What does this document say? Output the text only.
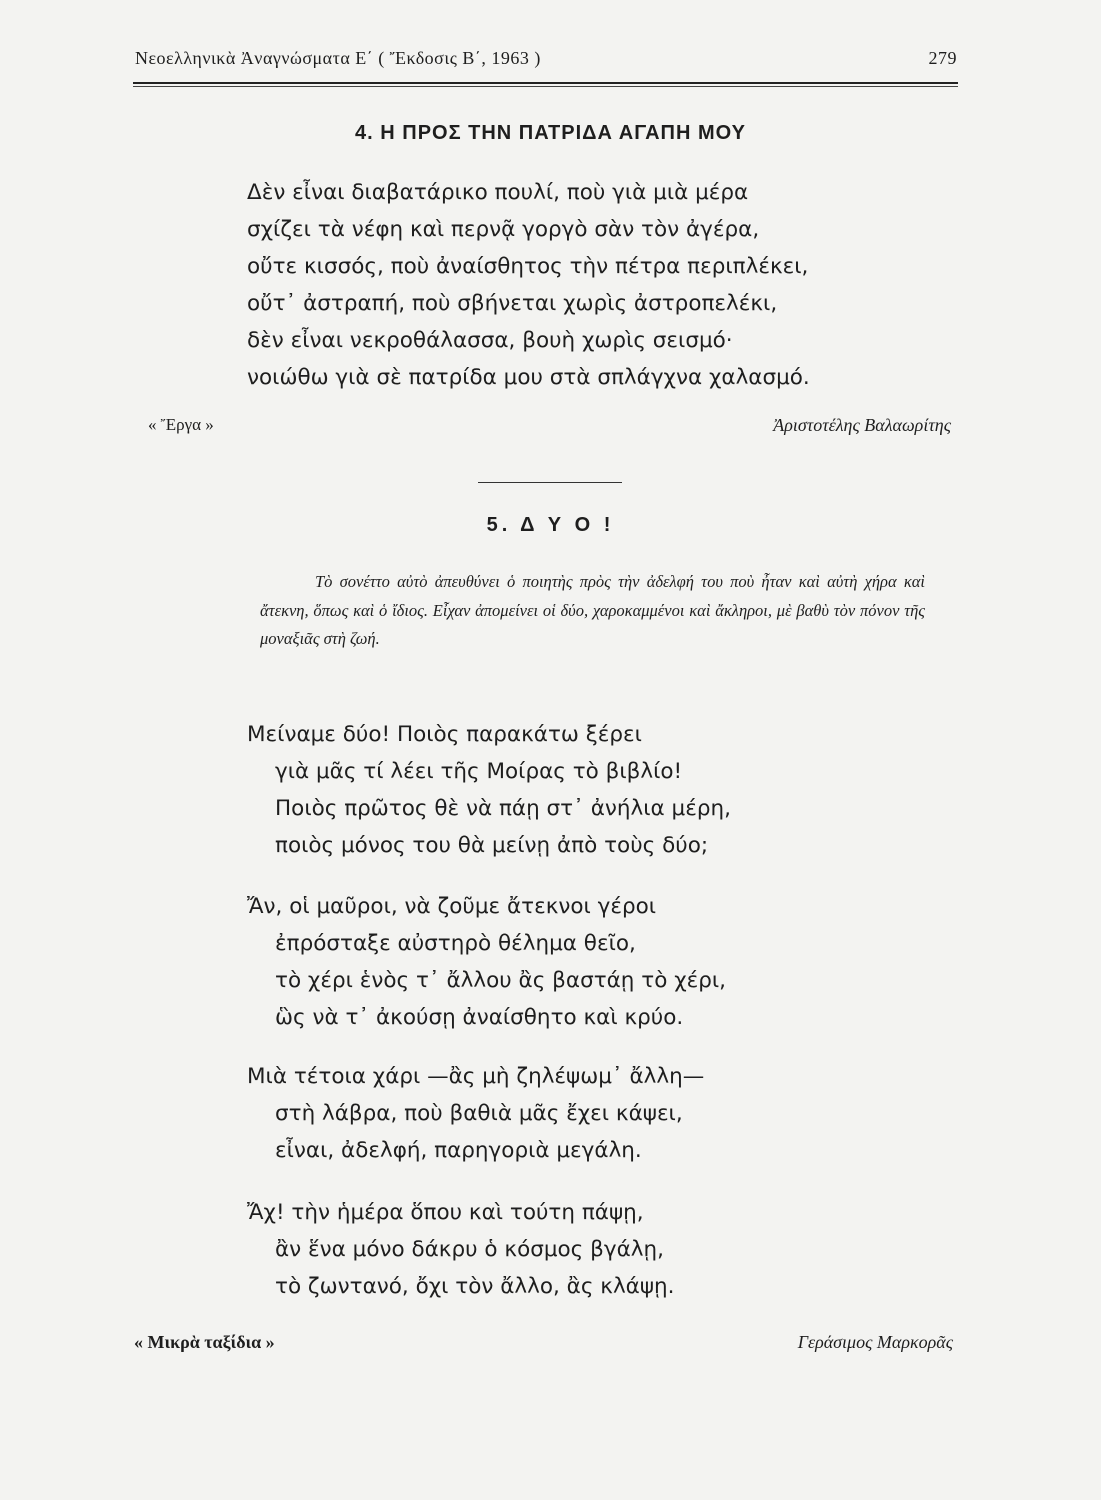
Νεοελληνικὰ Ἀναγνώσματα Ε΄ ( Ἔκδοσις Β΄, 1963 )	279
4. Η ΠΡΟΣ ΤΗΝ ΠΑΤΡΙΔΑ ΑΓΑΠΗ ΜΟΥ
Δὲν εἶναι διαβατάρικο πουλί, ποὺ γιὰ μιὰ μέρα
σχίζει τὰ νέφη καὶ περνᾷ γοργὸ σὰν τὸν ἀγέρα,
οὔτε κισσός, ποὺ ἀναίσθητος τὴν πέτρα περιπλέκει,
οὔτ᾽ ἀστραπή, ποὺ σβήνεται χωρὶς ἀστροπελέκι,
δὲν εἶναι νεκροθάλασσα, βουὴ χωρὶς σεισμό·
νοιώθω γιὰ σὲ πατρίδα μου στὰ σπλάγχνα χαλασμό.
« Ἔργα »	Ἀριστοτέλης Βαλαωρίτης
5. Δ Υ Ο !
Τὸ σονέττο αὐτὸ ἀπευθύνει ὁ ποιητὴς πρὸς τὴν ἀδελφή του ποὺ ἦταν καὶ αὐτὴ χήρα καὶ ἄτεκνη, ὅπως καὶ ὁ ἴδιος. Εἶχαν ἀπομείνει οἱ δύο, χαροκαμμένοι καὶ ἄκληροι, μὲ βαθὺ τὸν πόνον τῆς μοναξιᾶς στὴ ζωή.
Μείναμε δύο! Ποιὸς παρακάτω ξέρει
γιὰ μᾶς τί λέει τῆς Μοίρας τὸ βιβλίο!
Ποιὸς πρῶτος θὲ νὰ πάῃ στ᾽ ἀνήλια μέρη,
ποιὸς μόνος του θὰ μείνῃ ἀπὸ τοὺς δύο;
Ἄν, οἱ μαῦροι, νὰ ζοῦμε ἄτεκνοι γέροι
ἐπρόσταξε αὐστηρὸ θέλημα θεῖο,
τὸ χέρι ἑνὸς τ᾽ ἄλλου ἂς βαστάῃ τὸ χέρι,
ὣς νὰ τ᾽ ἀκούσῃ ἀναίσθητο καὶ κρύο.
Μιὰ τέτοια χάρι —ἂς μὴ ζηλέψωμ᾽ ἄλλη—
στὴ λάβρα, ποὺ βαθιὰ μᾶς ἔχει κάψει,
εἶναι, ἀδελφή, παρηγοριὰ μεγάλη.
Ἄχ! τὴν ἡμέρα ὅπου καὶ τούτη πάψῃ,
ἂν ἕνα μόνο δάκρυ ὁ κόσμος βγάλῃ,
τὸ ζωντανό, ὄχι τὸν ἄλλο, ἂς κλάψῃ.
« Μικρὰ ταξίδια »	Γεράσιμος Μαρκορᾶς
